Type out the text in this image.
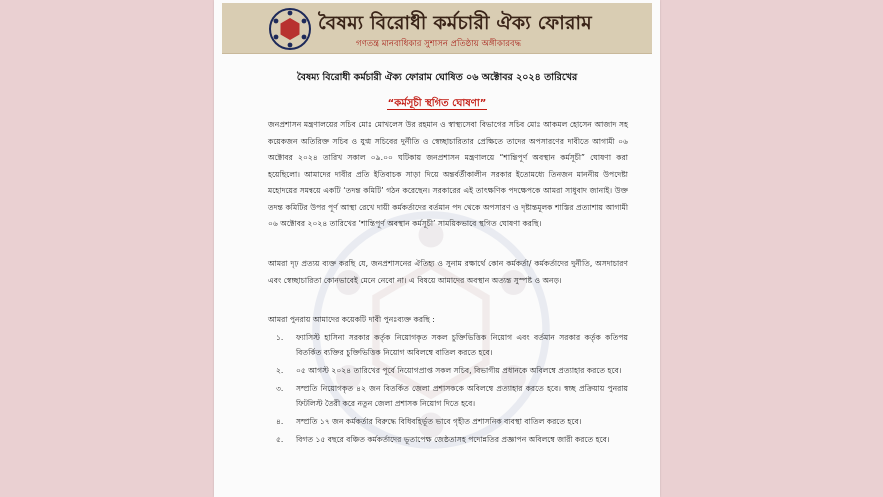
বৈষম্য বিরোধী কর্মচারী ঐক্য ফোরাম
গণতন্ত্র মানবাধিকার সুশাসন প্রতিষ্ঠায় অঙ্গীকারবদ্ধ
বৈষম্য বিরোধী কর্মচারী ঐক্য ফোরাম ঘোষিত ০৬ অক্টোবর ২০২৪ তারিখের
“কর্মসূচী স্থগিত ঘোষণা”

জনপ্রশাসন মন্ত্রণালয়ের সচিব মোঃ মোখলেস উর রহমান ও স্বাস্থ্যসেবা বিভাগের সচিব মোঃ আকমল হোসেন আজাদ সহ কয়েকজন অতিরিক্ত সচিব ও যুগ্ম সচিবের দুর্নীতি ও স্বেচ্ছাচারিতার প্রেক্ষিতে তাদের অপসারণের দাবীতে আগামী ০৬ অক্টোবর ২০২৪ তারিখ সকাল ০৯.০০ ঘটিকায় জনপ্রশাসন মন্ত্রণালয়ে “শান্তিপূর্ণ অবস্থান কর্মসূচী” ঘোষণা করা হয়েছিলো। আমাদের দাবীর প্রতি ইতিবাচক সাড়া দিয়ে অন্তর্বর্তীকালীন সরকার ইতোমধ্যে তিনজন মাননীয় উপদেষ্টা মহোদয়ের সমন্বয়ে একটি ‘তদন্ত কমিটি’ গঠন করেছেন। সরকারের এই তাৎক্ষণিক পদক্ষেপকে আমরা সাধুবাদ জানাই। উক্ত তদন্ত কমিটির উপর পূর্ণ আস্থা রেখে দায়ী কর্মকর্তাদের বর্তমান পদ থেকে অপসারণ ও দৃষ্টান্তমূলক শাস্তির প্রত্যাশায় আগামী ০৬ অক্টোবর ২০২৪ তারিখের ‘শান্তিপূর্ণ অবস্থান কর্মসূচী’ সাময়িকভাবে স্থগিত ঘোষণা করছি।

আমরা দৃঢ় প্রত্যয় ব্যক্ত করছি যে, জনপ্রশাসনের ঐতিহ্য ও সুনাম রক্ষার্থে কোন কর্মকর্তা/ কর্মকর্তাদের দুর্নীতি, অসদাচারণ এবং স্বেচ্ছাচারিতা কোনভাবেই মেনে নেবো না। এ বিষয়ে আমাদের অবস্থান অত্যন্ত সুস্পষ্ট ও অনড়।

আমরা পুনরায় আমাদের কয়েকটি দাবী পুনঃব্যক্ত করছি :

১. ফ্যাসিস্ট হাসিনা সরকার কর্তৃক নিয়োগকৃত সকল চুক্তিভিত্তিক নিয়োগ এবং বর্তমান সরকার কর্তৃক কতিপয় বিতর্কিত ব্যক্তির চুক্তিভিত্তিক নিয়োগ অবিলম্বে বাতিল করতে হবে।
২. ০৫ আগস্ট ২০২৪ তারিখের পূর্বে নিয়োগপ্রাপ্ত সকল সচিব, বিভাগীয় প্রধানকে অবিলম্বে প্রত্যাহার করতে হবে।
৩. সম্প্রতি নিয়োগকৃত ৪২ জন বিতর্কিত জেলা প্রশাসককে অবিলম্বে প্রত্যাহার করতে হবে। স্বচ্ছ প্রক্রিয়ায় পুনরায় ফিটলিস্ট তৈরী করে নতুন জেলা প্রশাসক নিয়োগ দিতে হবে।
৪. সম্প্রতি ১৭ জন কর্মকর্তার বিরুদ্ধে বিধিবহির্ভূত ভাবে গৃহীত প্রশাসনিক ব্যবস্থা বাতিল করতে হবে।
৫. বিগত ১৫ বছরে বঞ্চিত কর্মকর্তাদের ভূতাপেক্ষ জেষ্ঠতাসহ পদোন্নতির প্রজ্ঞাপন অবিলম্বে জারী করতে হবে।
